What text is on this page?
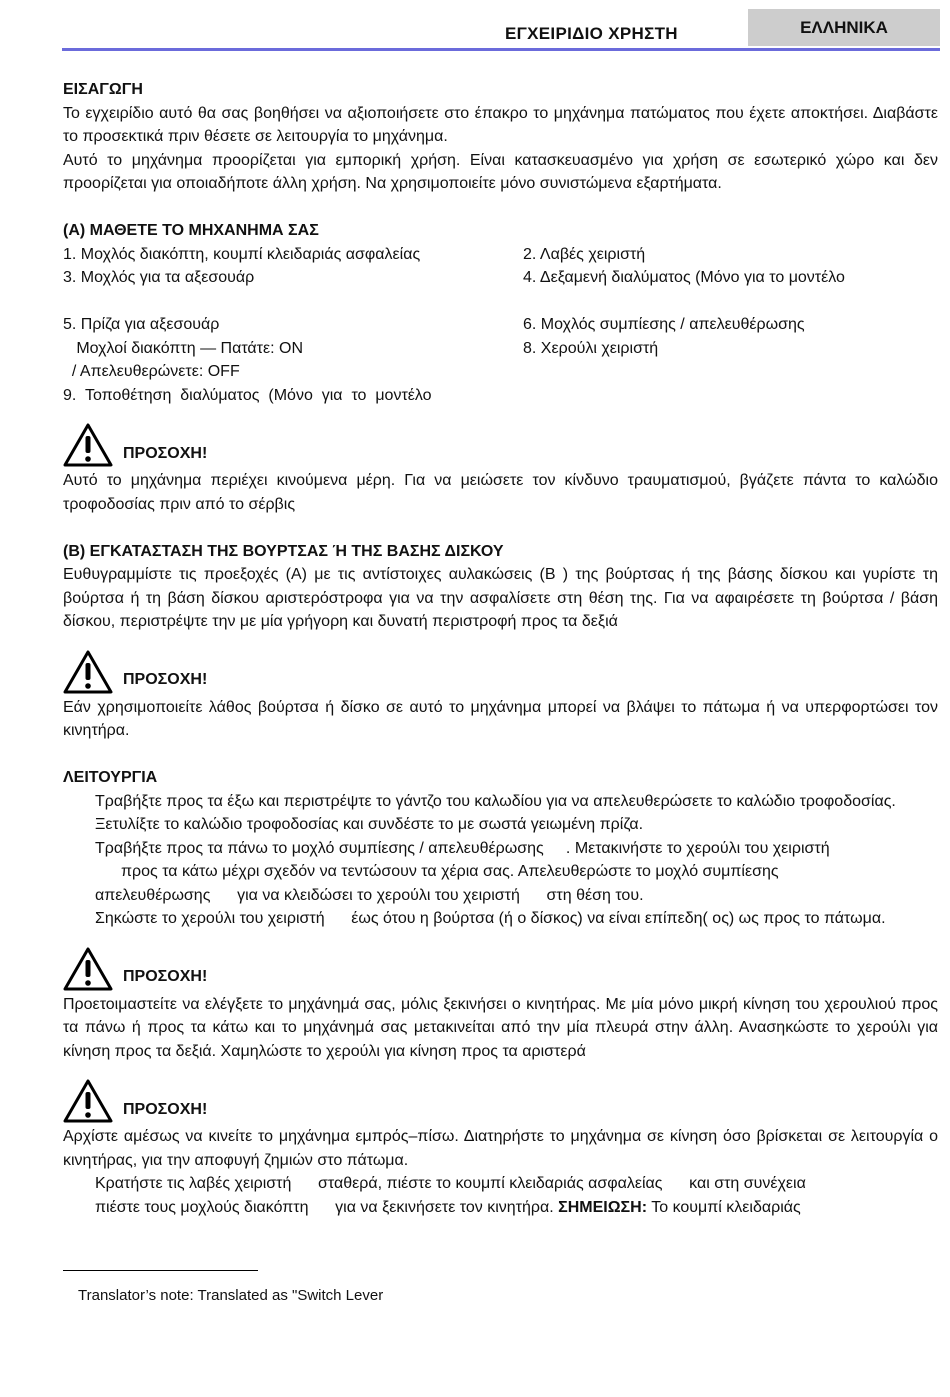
ΕΓΧΕΙΡΙΔΙΟ ΧΡΗΣΤΗ	ΕΛΛΗΝΙΚΑ
ΕΙΣΑΓΩΓΗ

Το εγχειρίδιο αυτό θα σας βοηθήσει να αξιοποιήσετε στο έπακρο το μηχάνημα πατώματος που έχετε αποκτήσει. Διαβάστε το προσεκτικά πριν θέσετε σε λειτουργία το μηχάνημα.

Αυτό το μηχάνημα προορίζεται για εμπορική χρήση. Είναι κατασκευασμένο για χρήση σε εσωτερικό χώρο και δεν προορίζεται για οποιαδήποτε άλλη χρήση. Να χρησιμοποιείτε μόνο συνιστώμενα εξαρτήματα.

(A) ΜΑΘΕΤΕ ΤΟ ΜΗΧΑΝΗΜΑ ΣΑΣ
1. Μοχλός διακόπτη, κουμπί κλειδαριάς ασφαλείας	2. Λαβές χειριστή
3. Μοχλός για τα αξεσουάρ	4. Δεξαμενή διαλύματος (Μόνο για το μοντέλο
5. Πρίζα για αξεσουάρ	6. Μοχλός συμπίεσης / απελευθέρωσης
Μοχλοί διακόπτη — Πατάτε: ON	8. Χερούλι χειριστή
/ Απελευθερώνετε: OFF
9.  Τοποθέτηση  διαλύματος  (Μόνο  για  το  μοντέλο
ΠΡΟΣΟΧΗ!

Αυτό το μηχάνημα περιέχει κινούμενα μέρη. Για να μειώσετε τον κίνδυνο τραυματισμού, βγάζετε πάντα το καλώδιο τροφοδοσίας πριν από το σέρβις

(B) ΕΓΚΑΤΑΣΤΑΣΗ ΤΗΣ ΒΟΥΡΤΣΑΣ Ή ΤΗΣ ΒΑΣΗΣ ΔΙΣΚΟΥ

Ευθυγραμμίστε τις προεξοχές (A) με τις αντίστοιχες αυλακώσεις (B ) της βούρτσας ή της βάσης δίσκου και γυρίστε τη βούρτσα ή τη βάση δίσκου αριστερόστροφα για να την ασφαλίσετε στη θέση της. Για να αφαιρέσετε τη βούρτσα / βάση δίσκου, περιστρέψτε την με μία γρήγορη και δυνατή περιστροφή προς τα δεξιά

ΠΡΟΣΟΧΗ!

Εάν χρησιμοποιείτε λάθος βούρτσα ή δίσκο σε αυτό το μηχάνημα μπορεί να βλάψει το πάτωμα ή να υπερφορτώσει τον κινητήρα.

ΛΕΙΤΟΥΡΓΙΑ

Τραβήξτε προς τα έξω και περιστρέψτε το γάντζο του καλωδίου για να απελευθερώσετε το καλώδιο τροφοδοσίας. Ξετυλίξτε το καλώδιο τροφοδοσίας και συνδέστε το με σωστά γειωμένη πρίζα.

Τραβήξτε προς τα πάνω το μοχλό συμπίεσης / απελευθέρωσης     . Μετακινήστε το χερούλι του χειριστή

προς τα κάτω μέχρι σχεδόν να τεντώσουν τα χέρια σας. Απελευθερώστε το μοχλό συμπίεσης

απελευθέρωσης      για να κλειδώσει το χερούλι του χειριστή      στη θέση του.

Σηκώστε το χερούλι του χειριστή      έως ότου η βούρτσα (ή ο δίσκος) να είναι επίπεδη( ος) ως προς το πάτωμα.

ΠΡΟΣΟΧΗ!

Προετοιμαστείτε να ελέγξετε το μηχάνημά σας, μόλις ξεκινήσει ο κινητήρας. Με μία μόνο μικρή κίνηση του χερουλιού προς τα πάνω ή προς τα κάτω και το μηχάνημά σας μετακινείται από την μία πλευρά στην άλλη. Ανασηκώστε το χερούλι για κίνηση προς τα δεξιά. Χαμηλώστε το χερούλι για κίνηση προς τα αριστερά

ΠΡΟΣΟΧΗ!

Αρχίστε αμέσως να κινείτε το μηχάνημα εμπρός–πίσω. Διατηρήστε το μηχάνημα σε κίνηση όσο βρίσκεται σε λειτουργία ο κινητήρας, για την αποφυγή ζημιών στο πάτωμα.

Κρατήστε τις λαβές χειριστή      σταθερά, πιέστε το κουμπί κλειδαριάς ασφαλείας      και στη συνέχεια

πιέστε τους μοχλούς διακόπτη      για να ξεκινήσετε τον κινητήρα. ΣΗΜΕΙΩΣΗ: Το κουμπί κλειδαριάς

Translator’s note: Translated as "Switch Lever
